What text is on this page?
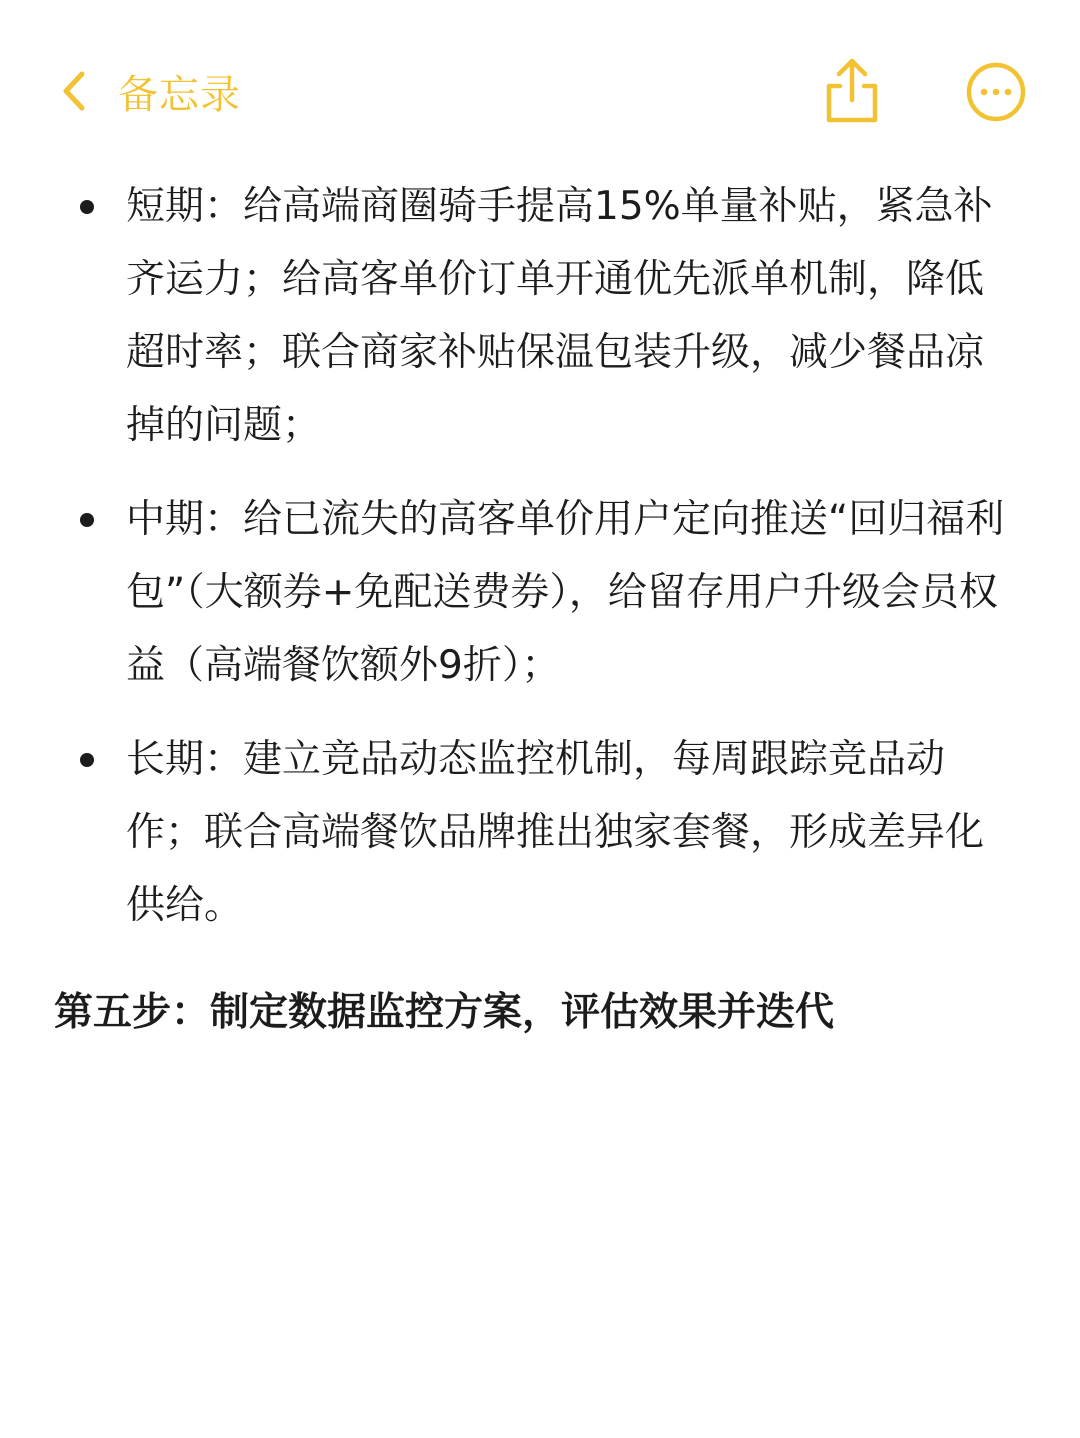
备忘录
短期：给高端商圈骑手提高15%单量补贴，紧急补齐运力；给高客单价订单开通优先派单机制，降低超时率；联合商家补贴保温包装升级，减少餐品凉掉的问题；
中期：给已流失的高客单价用户定向推送“回归福利包”（大额券+免配送费券），给留存用户升级会员权益（高端餐饮额外9折）；
长期：建立竞品动态监控机制，每周跟踪竞品动作；联合高端餐饮品牌推出独家套餐，形成差异化供给。
第五步：制定数据监控方案，评估效果并迭代
